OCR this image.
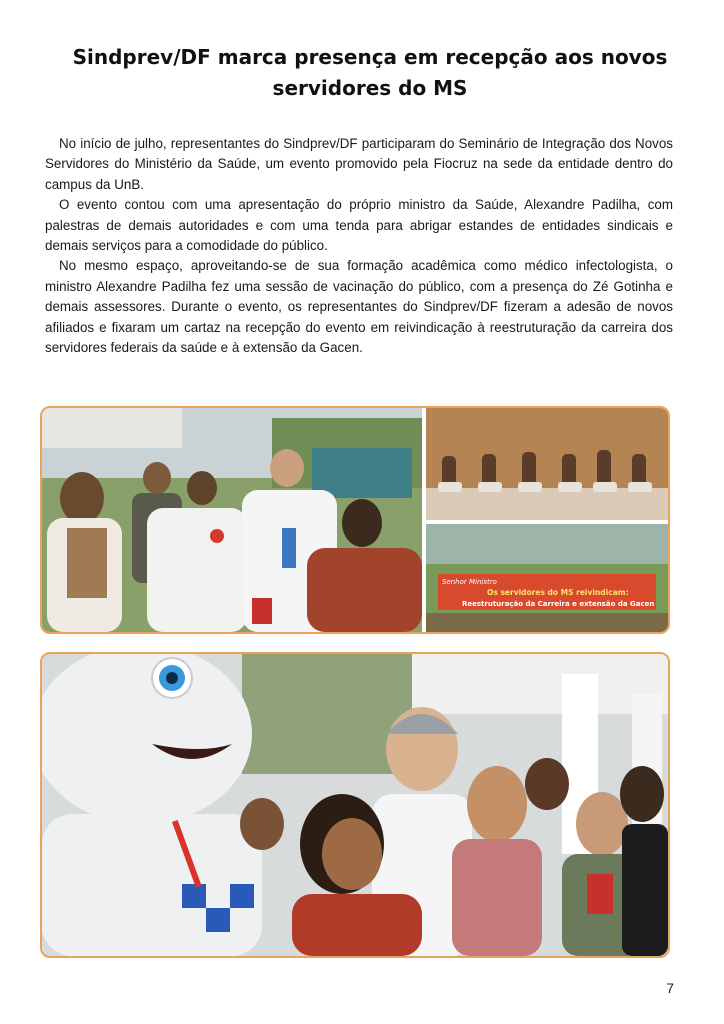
Sindprev/DF marca presença em recepção aos novos
servidores do MS

No início de julho, representantes do Sindprev/DF participaram do Seminário de Integração dos Novos Servidores do Ministério da Saúde, um evento promovido pela Fiocruz na sede da entidade dentro do campus da UnB.

O evento contou com uma apresentação do próprio ministro da Saúde, Alexandre Padilha, com palestras de demais autoridades e com uma tenda para abrigar estandes de entidades sindicais e demais serviços para a comodidade do público.

No mesmo espaço, aproveitando-se de sua formação acadêmica como médico infectologista, o ministro Alexandre Padilha fez uma sessão de vacinação do público, com a presença do Zé Gotinha e demais assessores. Durante o evento, os representantes do Sindprev/DF fizeram a adesão de novos afiliados e fixaram um cartaz na recepção do evento em reivindicação à reestruturação da carreira dos servidores federais da saúde e à extensão da Gacen.

Senhor Ministro
Os servidores do MS reivindicam:
Reestruturação da Carreira e extensão da Gacen
7
